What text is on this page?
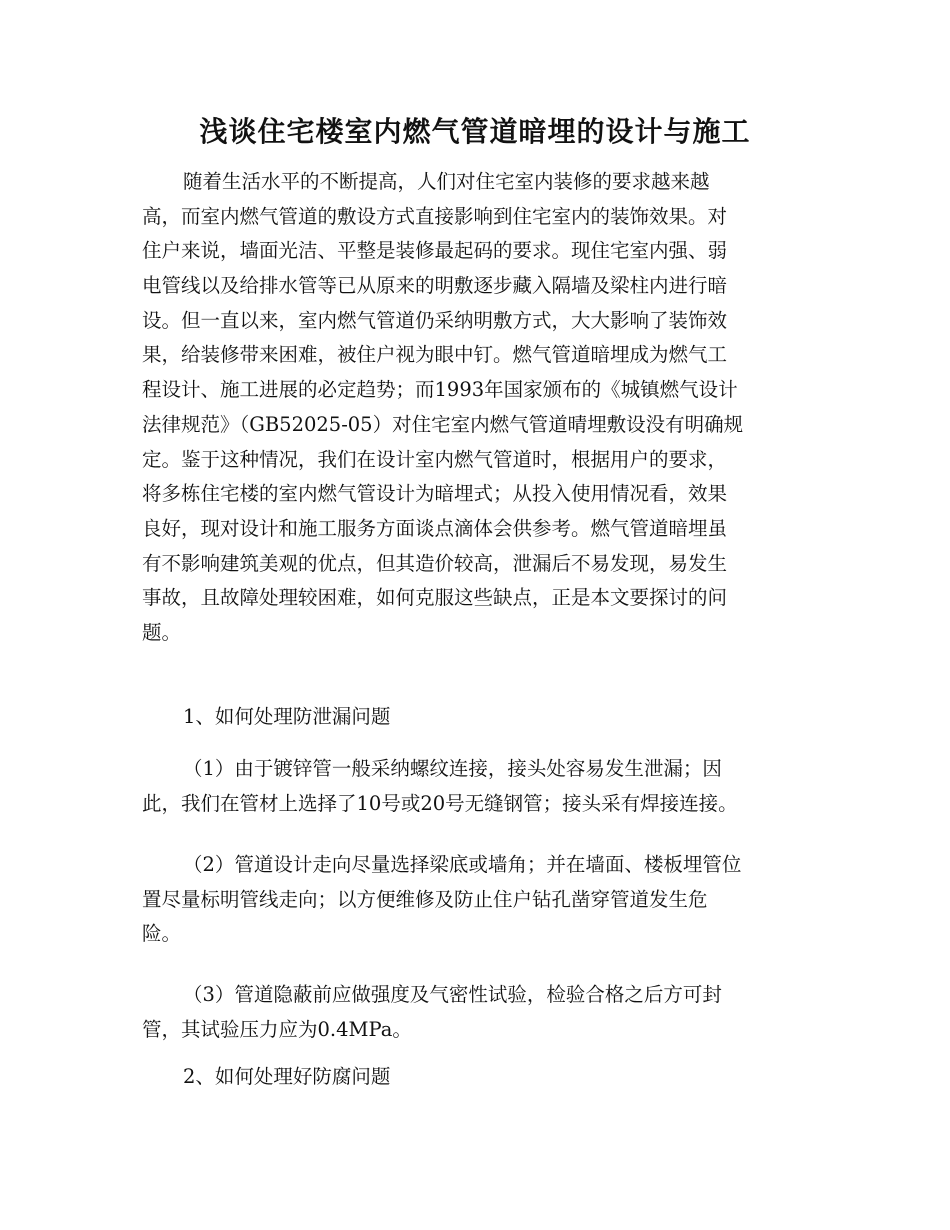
浅谈住宅楼室内燃气管道暗埋的设计与施工
随着生活水平的不断提高，人们对住宅室内装修的要求越来越
高，而室内燃气管道的敷设方式直接影响到住宅室内的装饰效果。对
住户来说，墙面光洁、平整是装修最起码的要求。现住宅室内强、弱
电管线以及给排水管等已从原来的明敷逐步藏入隔墙及梁柱内进行暗
设。但一直以来，室内燃气管道仍采纳明敷方式，大大影响了装饰效
果，给装修带来困难，被住户视为眼中钉。燃气管道暗埋成为燃气工
程设计、施工进展的必定趋势；而1993年国家颁布的《城镇燃气设计
法律规范》（GB52025-05）对住宅室内燃气管道晴埋敷设没有明确规
定。鉴于这种情况，我们在设计室内燃气管道时，根据用户的要求，
将多栋住宅楼的室内燃气管设计为暗埋式；从投入使用情况看，效果
良好，现对设计和施工服务方面谈点滴体会供参考。燃气管道暗埋虽
有不影响建筑美观的优点，但其造价较高，泄漏后不易发现，易发生
事故，且故障处理较困难，如何克服这些缺点，正是本文要探讨的问
题。
1、如何处理防泄漏问题
（1）由于镀锌管一般采纳螺纹连接，接头处容易发生泄漏；因
此，我们在管材上选择了10号或20号无缝钢管；接头采有焊接连接。
（2）管道设计走向尽量选择梁底或墙角；并在墙面、楼板埋管位
置尽量标明管线走向；以方便维修及防止住户钻孔凿穿管道发生危
险。
（3）管道隐蔽前应做强度及气密性试验，检验合格之后方可封
管，其试验压力应为0.4MPa。
2、如何处理好防腐问题
